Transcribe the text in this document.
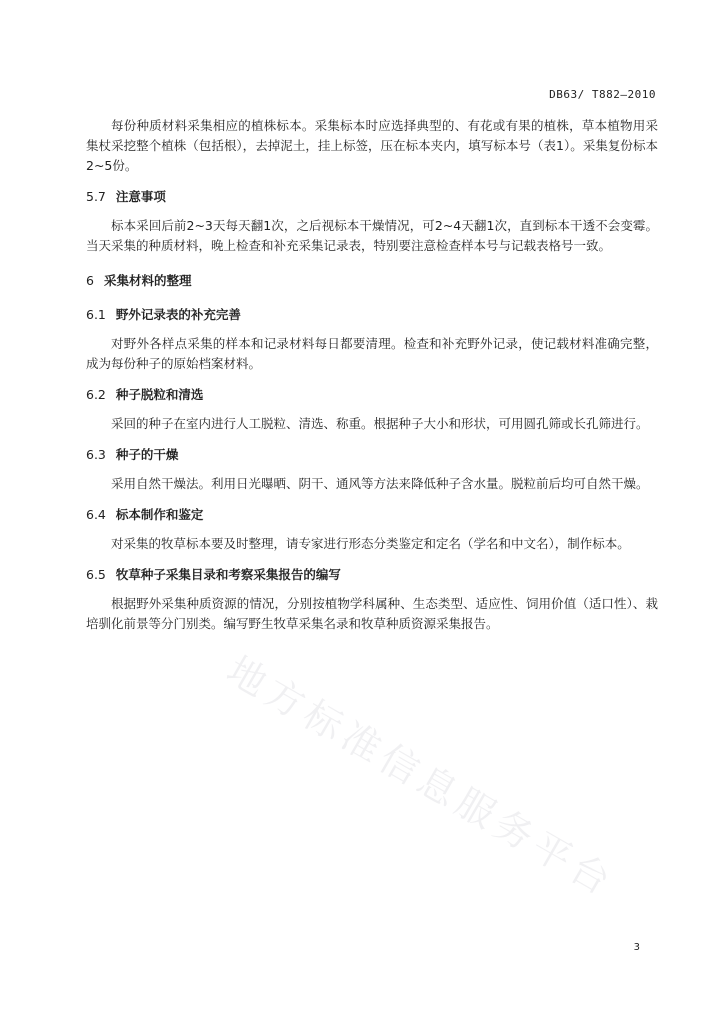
DB63/ T882—2010

每份种质材料采集相应的植株标本。采集标本时应选择典型的、有花或有果的植株，草本植物用采集杖采挖整个植株（包括根），去掉泥土，挂上标签，压在标本夹内，填写标本号（表1）。采集复份标本2~5份。

5.7 注意事项

标本采回后前2~3天每天翻1次，之后视标本干燥情况，可2~4天翻1次，直到标本干透不会变霉。当天采集的种质材料，晚上检查和补充采集记录表，特别要注意检查样本号与记载表格号一致。

6 采集材料的整理
6.1 野外记录表的补充完善

对野外各样点采集的样本和记录材料每日都要清理。检查和补充野外记录，使记载材料准确完整，成为每份种子的原始档案材料。

6.2 种子脱粒和清选

采回的种子在室内进行人工脱粒、清选、称重。根据种子大小和形状，可用圆孔筛或长孔筛进行。

6.3 种子的干燥

采用自然干燥法。利用日光曝晒、阴干、通风等方法来降低种子含水量。脱粒前后均可自然干燥。

6.4 标本制作和鉴定

对采集的牧草标本要及时整理，请专家进行形态分类鉴定和定名（学名和中文名），制作标本。

6.5 牧草种子采集目录和考察采集报告的编写

根据野外采集种质资源的情况，分别按植物学科属种、生态类型、适应性、饲用价值（适口性）、栽培驯化前景等分门别类。编写野生牧草采集名录和牧草种质资源采集报告。

地方标准信息服务平台
3
